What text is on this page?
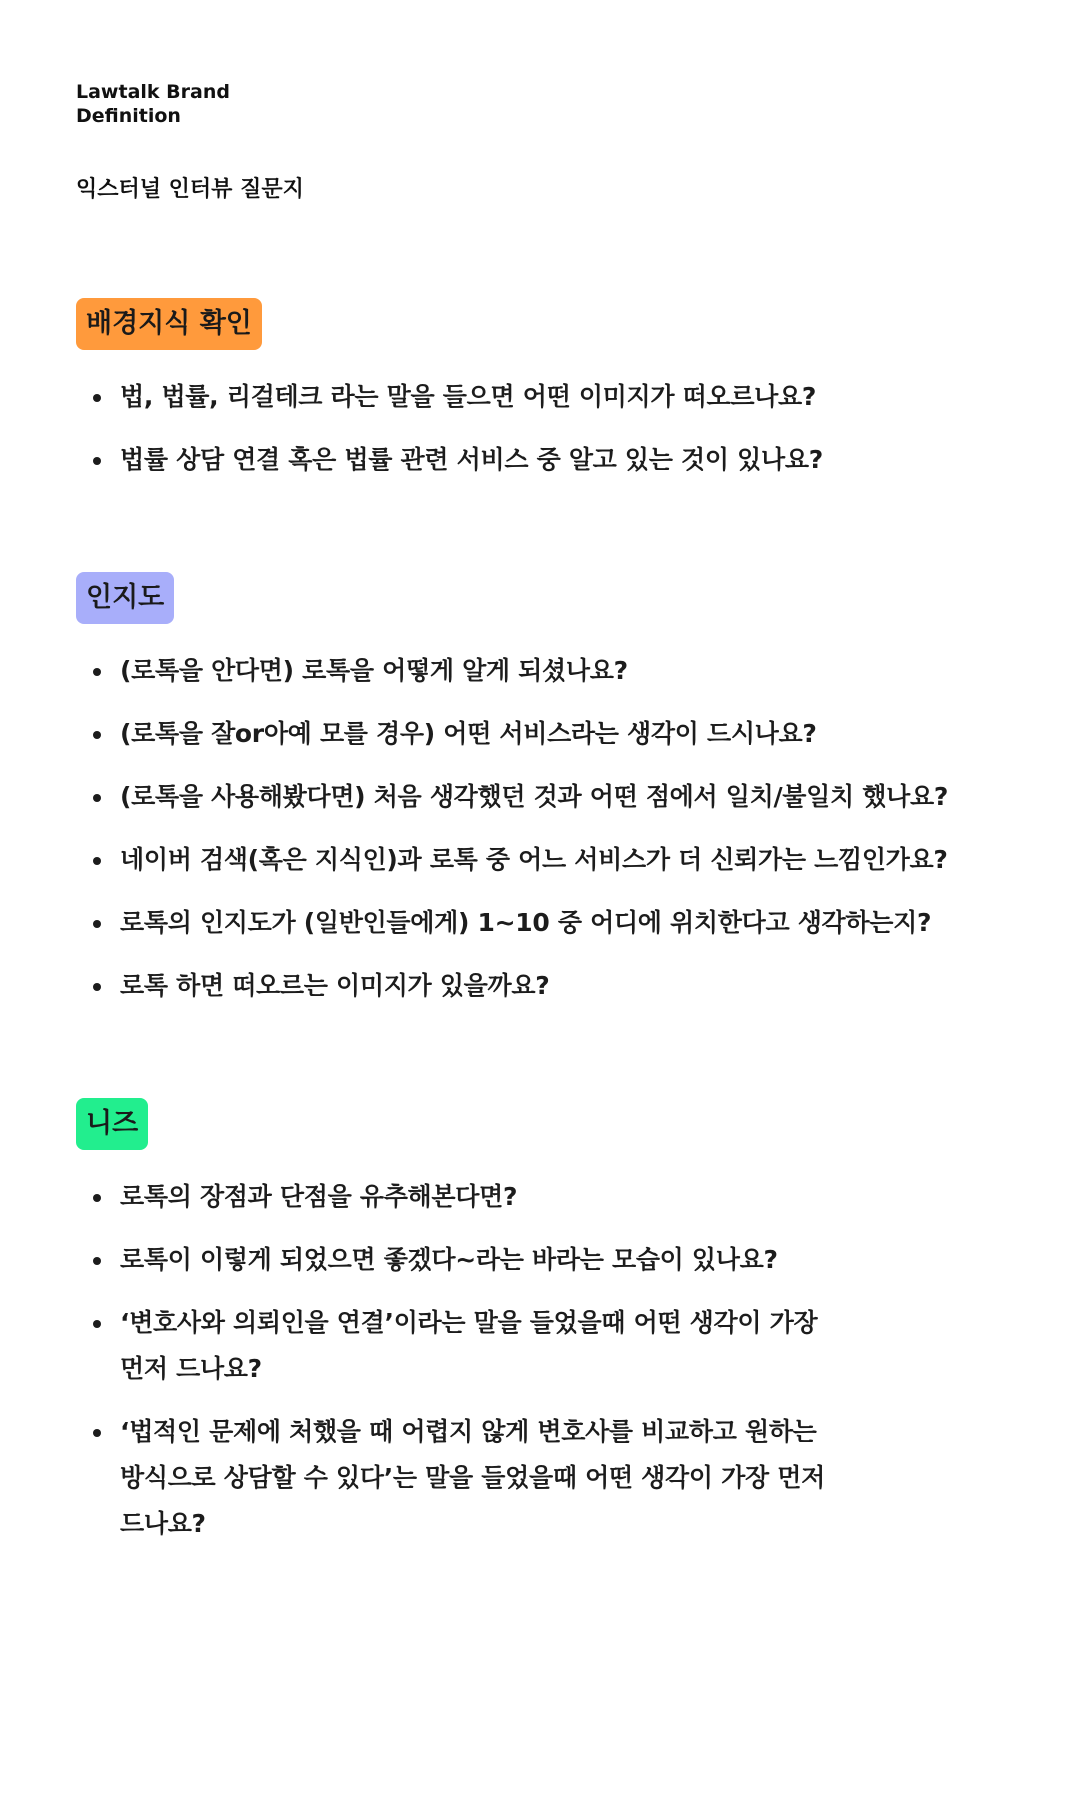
Lawtalk Brand
Definition
익스터널 인터뷰 질문지
배경지식 확인
법, 법률, 리걸테크 라는 말을 들으면 어떤 이미지가 떠오르나요?
법률 상담 연결 혹은 법률 관련 서비스 중 알고 있는 것이 있나요?
인지도
(로톡을 안다면) 로톡을 어떻게 알게 되셨나요?
(로톡을 잘or아예 모를 경우) 어떤 서비스라는 생각이 드시나요?
(로톡을 사용해봤다면) 처음 생각했던 것과 어떤 점에서 일치/불일치 했나요?
네이버 검색(혹은 지식인)과 로톡 중 어느 서비스가 더 신뢰가는 느낌인가요?
로톡의 인지도가 (일반인들에게) 1~10 중 어디에 위치한다고 생각하는지?
로톡 하면 떠오르는 이미지가 있을까요?
니즈
로톡의 장점과 단점을 유추해본다면?
로톡이 이렇게 되었으면 좋겠다~라는 바라는 모습이 있나요?
‘변호사와 의뢰인을 연결’이라는 말을 들었을때 어떤 생각이 가장 먼저 드나요?
‘법적인 문제에 처했을 때 어렵지 않게 변호사를 비교하고 원하는 방식으로 상담할 수 있다’는 말을 들었을때 어떤 생각이 가장 먼저 드나요?
